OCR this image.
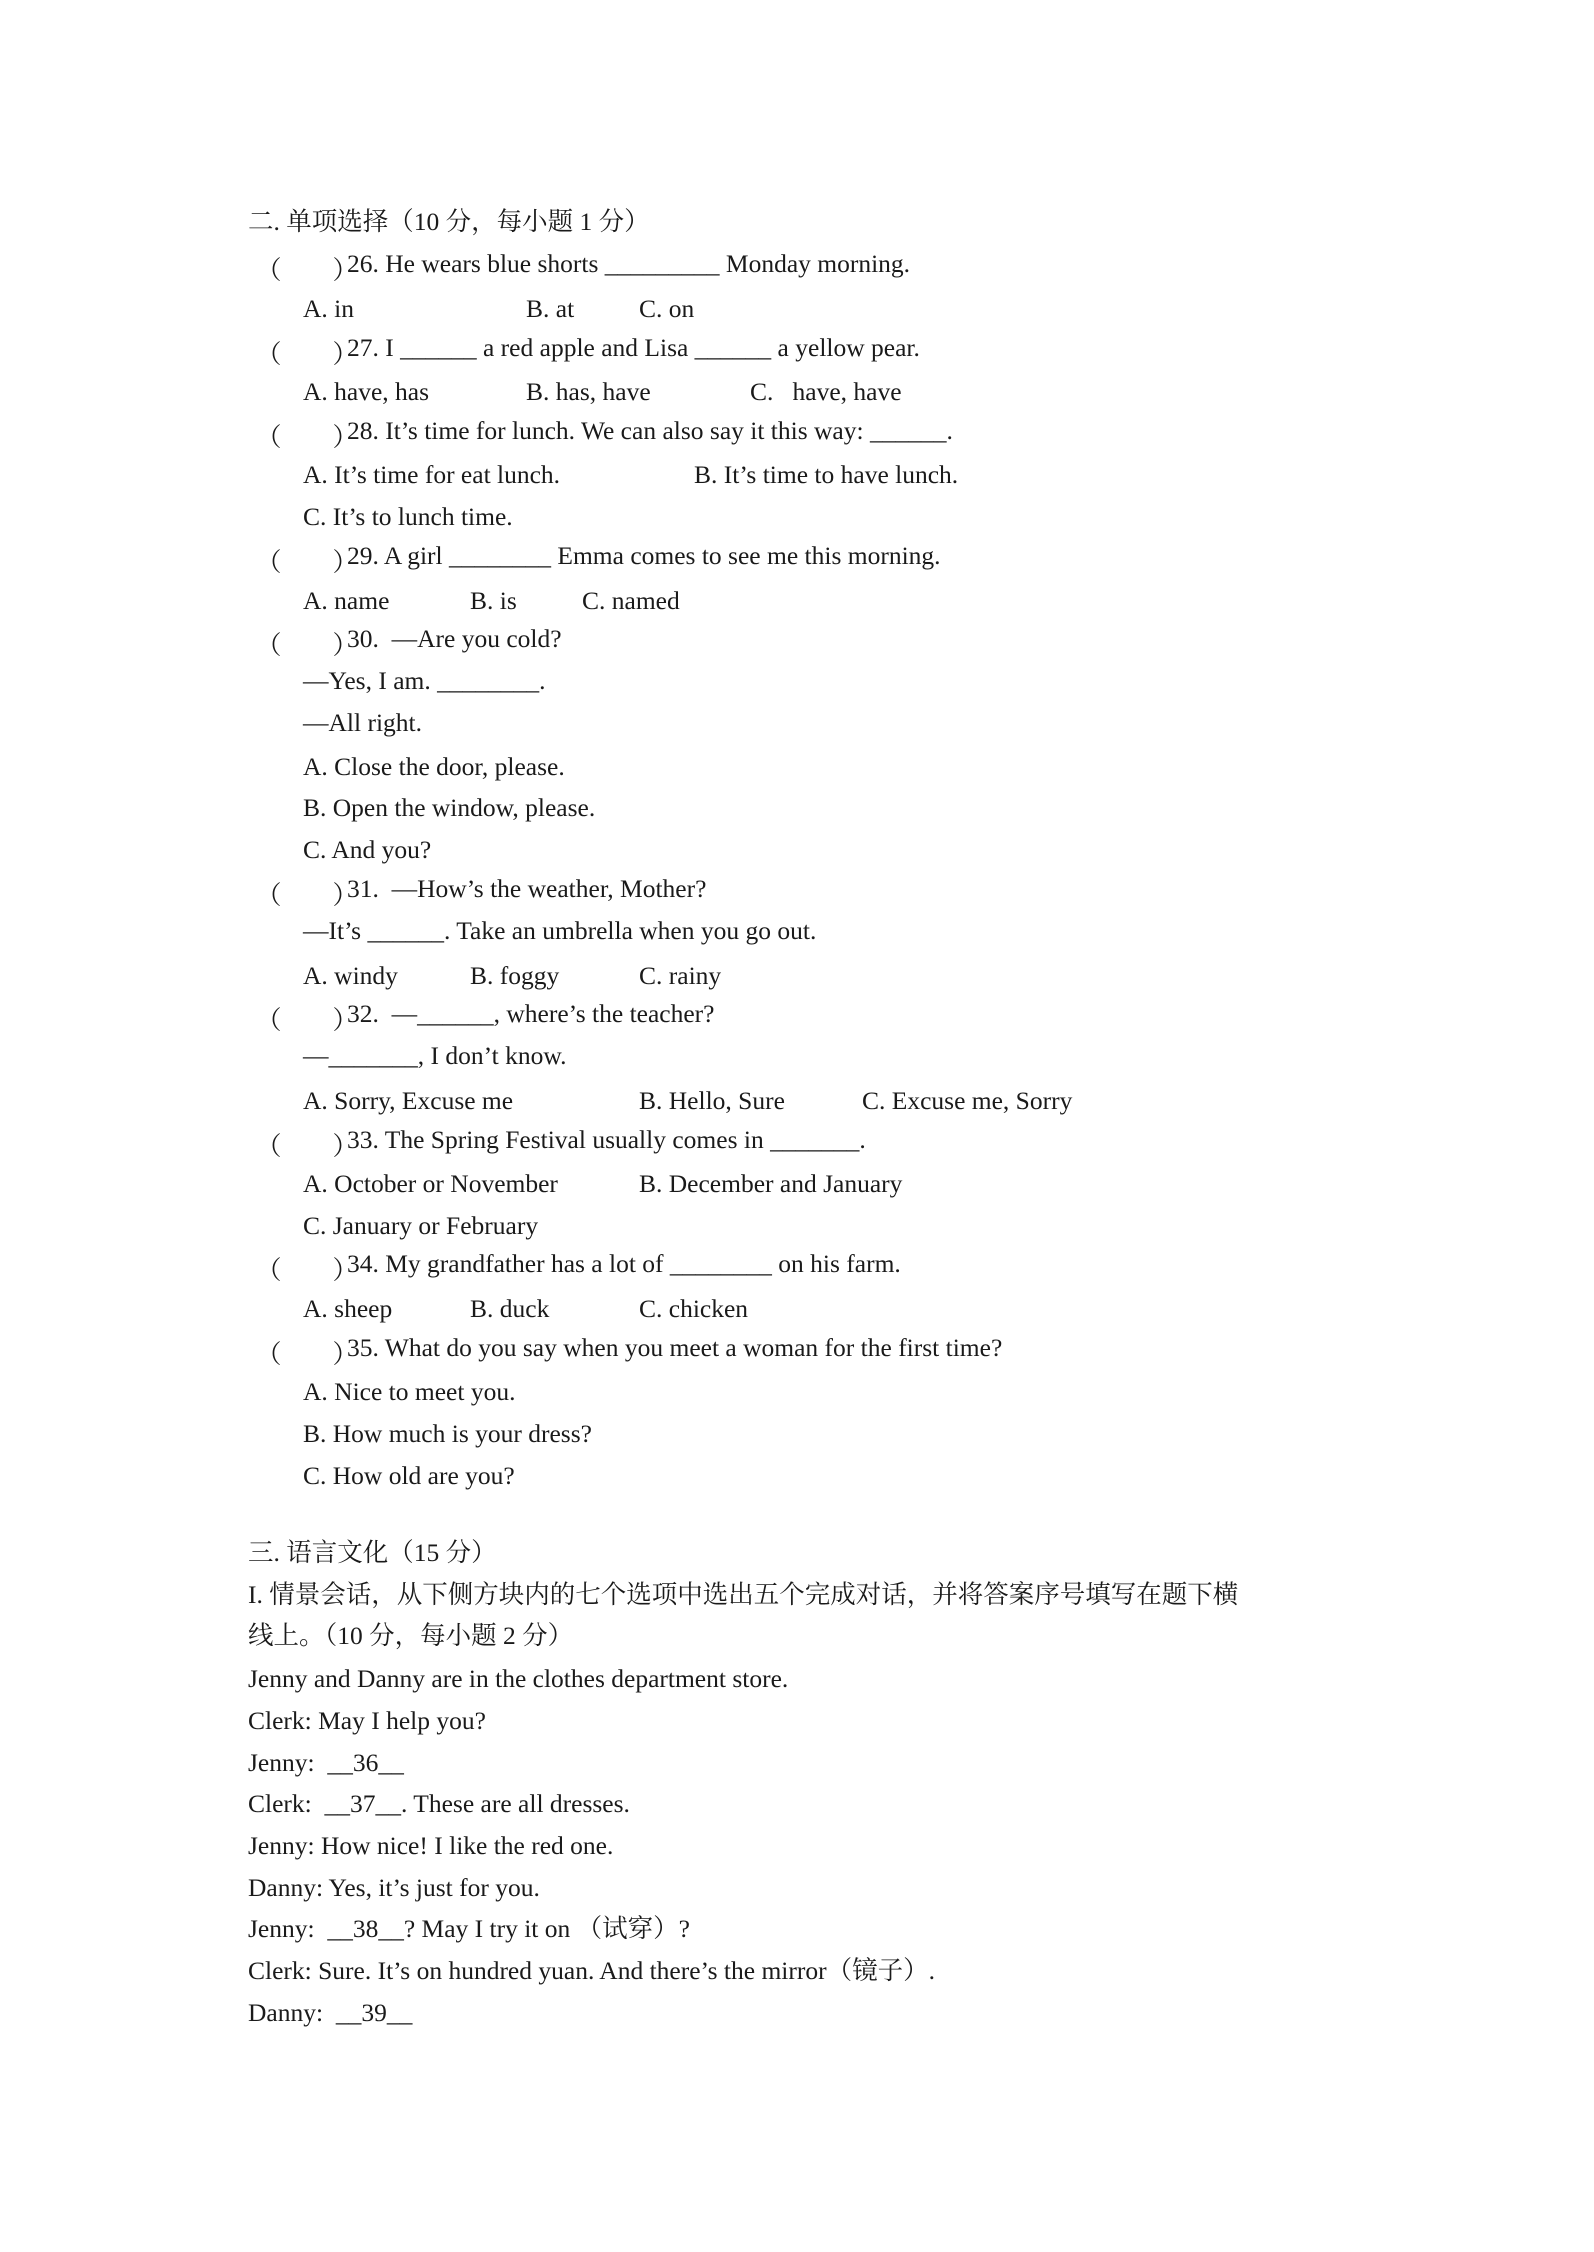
二. 单项选择（10 分，每小题 1 分）
（　　）
26. He wears blue shorts _________ Monday morning.
A. in	B. at	C. on
（　　）
27. I ______ a red apple and Lisa ______ a yellow pear.
A. have, has	B. has, have	C.   have, have
（　　）
28. It’s time for lunch. We can also say it this way: ______.
A. It’s time for eat lunch.	B. It’s time to have lunch.
C. It’s to lunch time.
（　　）
29. A girl ________ Emma comes to see me this morning.
A. name	B. is	C. named
（　　）
30.  —Are you cold?
—Yes, I am. ________.
—All right.
A. Close the door, please.
B. Open the window, please.
C. And you?
（　　）
31.  —How’s the weather, Mother?
—It’s ______. Take an umbrella when you go out.
A. windy	B. foggy	C. rainy
（　　）
32.  —______, where’s the teacher?
—_______, I don’t know.
A. Sorry, Excuse me	B. Hello, Sure	C. Excuse me, Sorry
（　　）
33. The Spring Festival usually comes in _______.
A. October or November	B. December and January
C. January or February
（　　）
34. My grandfather has a lot of ________ on his farm.
A. sheep	B. duck	C. chicken
（　　）
35. What do you say when you meet a woman for the first time?
A. Nice to meet you.
B. How much is your dress?
C. How old are you?
三. 语言文化（15 分）
I. 情景会话，从下侧方块内的七个选项中选出五个完成对话，并将答案序号填写在题下横
线上。（10 分，每小题 2 分）
Jenny and Danny are in the clothes department store.
Clerk: May I help you?
Jenny:  __36__
Clerk:  __37__. These are all dresses.
Jenny: How nice! I like the red one.
Danny: Yes, it’s just for you.
Jenny:  __38__? May I try it on （试穿）?
Clerk: Sure. It’s on hundred yuan. And there’s the mirror（镜子）.
Danny:  __39__
